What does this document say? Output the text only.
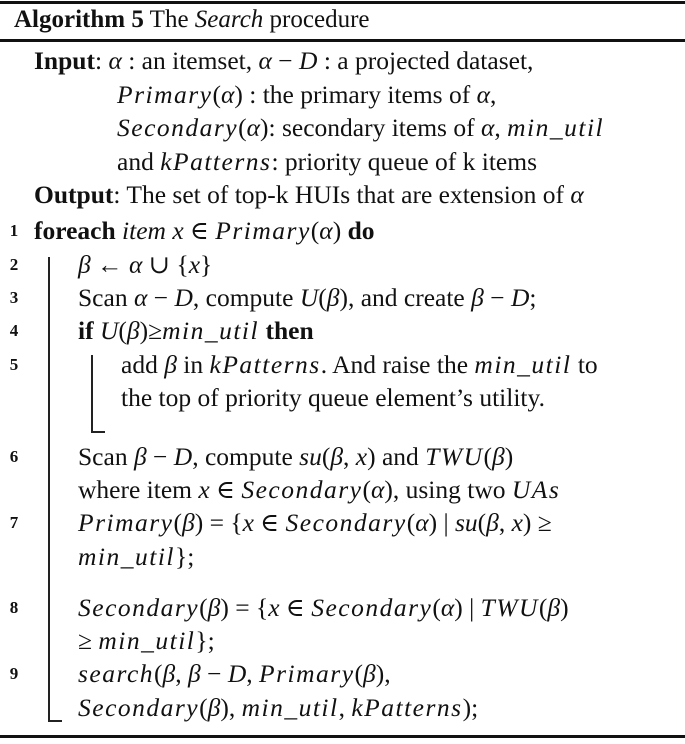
Algorithm 5 The Search procedure
Input: α : an itemset, α − D : a projected dataset,
Primary(α) : the primary items of α,
Secondary(α): secondary items of α, min_util
and kPatterns: priority queue of k items
Output: The set of top-k HUIs that are extension of α
1
2
3
4
5
6
7
8
9
foreach item x ∈ Primary(α) do
β ← α ∪ {x}
Scan α − D, compute U(β), and create β − D;
if U(β)≥min_util then
add β in kPatterns. And raise the min_util to
the top of priority queue element’s utility.
Scan β − D, compute su(β, x) and TWU(β)
where item x ∈ Secondary(α), using two UAs
Primary(β) = {x ∈ Secondary(α) | su(β, x) ≥
min_util};
Secondary(β) = {x ∈ Secondary(α) | TWU(β)
≥ min_util};
search(β, β − D, Primary(β),
Secondary(β), min_util, kPatterns);
